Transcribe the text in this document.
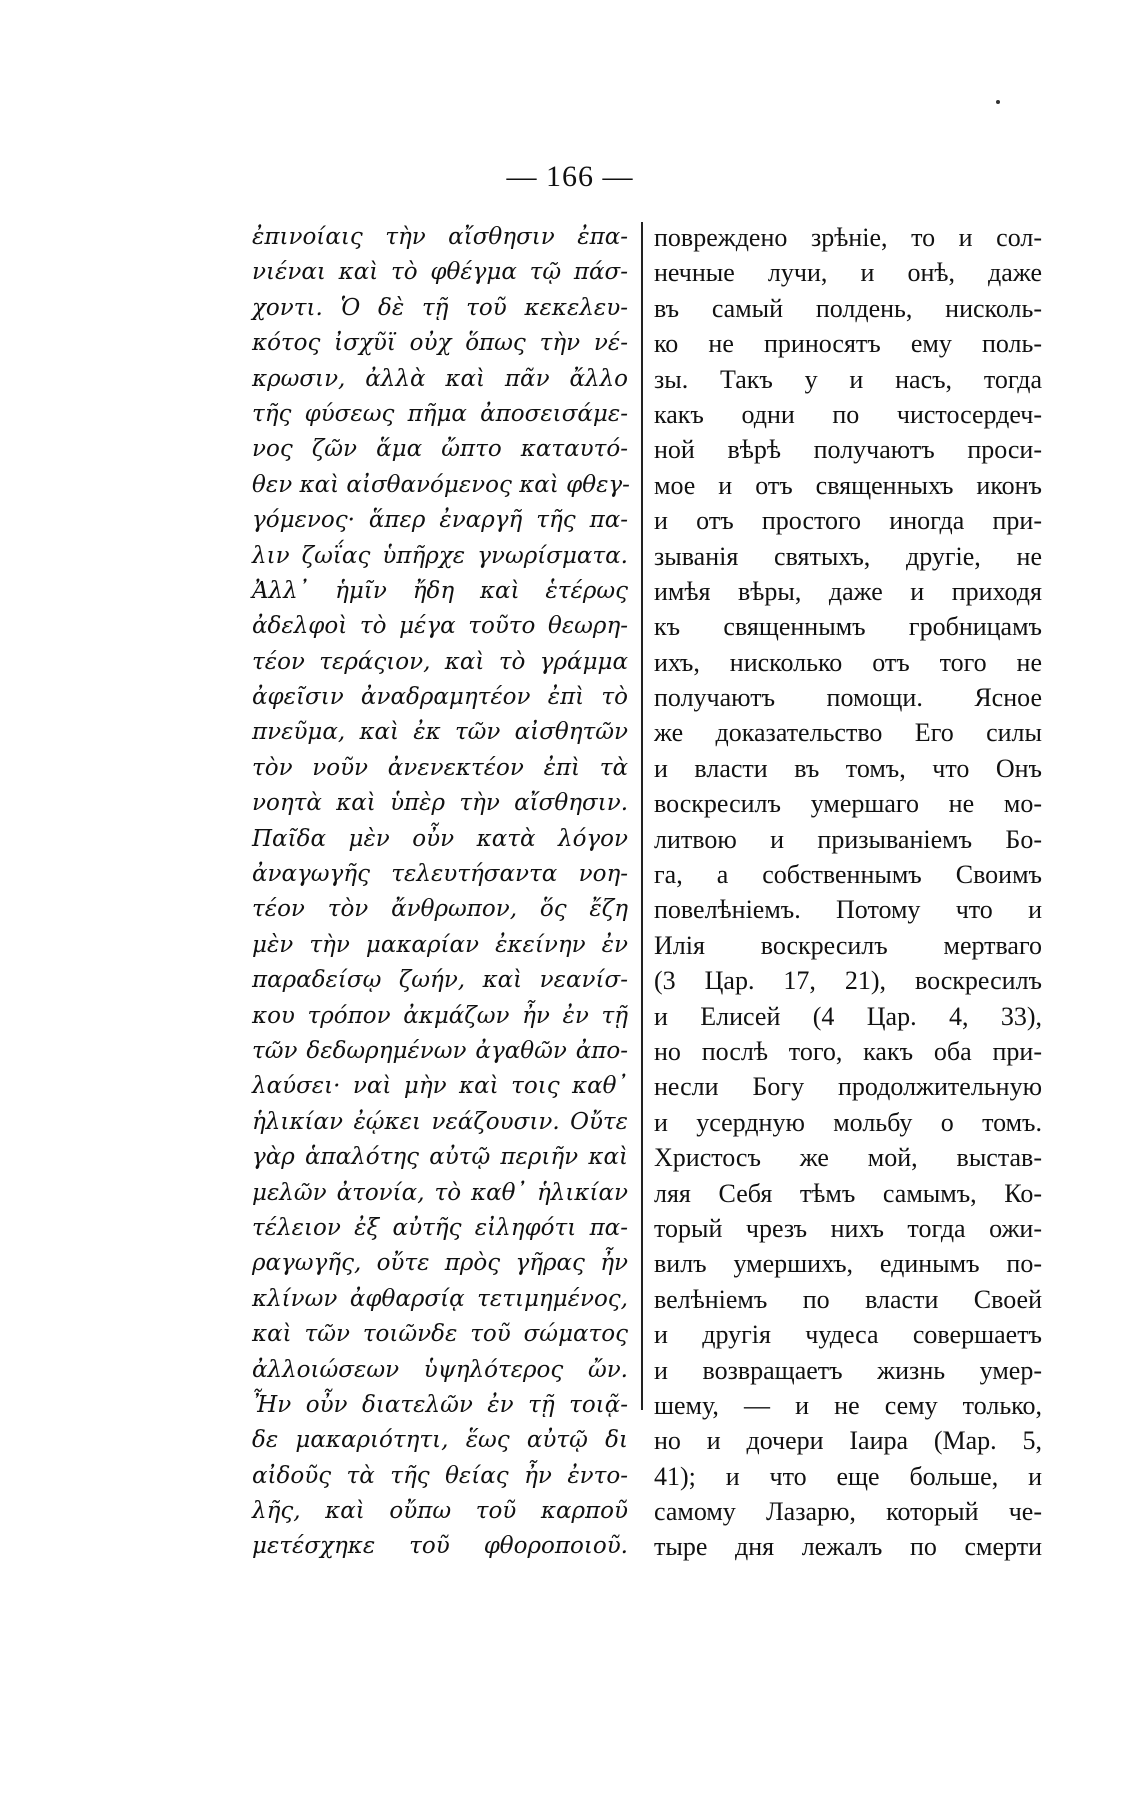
— 166 —
ἐπινοίαις τὴν αἴσθησιν ἐπα-
νιέναι καὶ τὸ φθέγμα τῷ πάσ-
χοντι. Ὁ δὲ τῇ τοῦ κεκελευ-
κότος ἰσχῦϊ οὐχ ὅπως τὴν νέ-
κρωσιν, ἀλλὰ καὶ πᾶν ἄλλο
τῆς φύσεως πῆμα ἀποσεισάμε-
νος ζῶν ἅμα ὤπτο καταυτό-
θεν καὶ αἰσθανόμενος καὶ φθεγ-
γόμενος· ἅπερ ἐναργῆ τῆς πα-
λιν ζωΐας ὑπῆρχε γνωρίσματα.
Ἀλλ᾽ ἡμῖν ἤδη καὶ ἑτέρως
ἀδελφοὶ τὸ μέγα τοῦτο θεωρη-
τέον τεράςιον, καὶ τὸ γράμμα
ἀφεῖσιν ἀναδραμητέον ἐπὶ τὸ
πνεῦμα, καὶ ἐκ τῶν αἰσθητῶν
τὸν νοῦν ἀνενεκτέον ἐπὶ τὰ
νοητὰ καὶ ὑπὲρ τὴν αἴσθησιν.
Παῖδα μὲν οὖν κατὰ λόγον
ἀναγωγῆς τελευτήσαντα νοη-
τέον τὸν ἄνθρωπον, ὅς ἔζη
μὲν τὴν μακαρίαν ἐκείνην ἐν
παραδείσῳ ζωήν, καὶ νεανίσ-
κου τρόπον ἀκμάζων ἦν ἐν τῇ
τῶν δεδωρημένων ἀγαθῶν ἀπο-
λαύσει· ναὶ μὴν καὶ τοις καθ᾽
ἡλικίαν ἐῴκει νεάζουσιν. Οὔτε
γὰρ ἁπαλότης αὐτῷ περιῆν καὶ
μελῶν ἀτονία, τὸ καθ᾽ ἡλικίαν
τέλειον ἐξ αὐτῆς εἰληφότι πα-
ραγωγῆς, οὔτε πρὸς γῆρας ἦν
κλίνων ἀφθαρσίᾳ τετιμημένος,
καὶ τῶν τοιῶνδε τοῦ σώματος
ἀλλοιώσεων ὑψηλότερος ὤν.
Ἦν οὖν διατελῶν ἐν τῇ τοιᾷ-
δε μακαριότητι, ἕως αὐτῷ δι
αἰδοῦς τὰ τῆς θείας ἦν ἐντο-
λῆς, καὶ οὔπω τοῦ καρποῦ
μετέσχηκε τοῦ φθοροποιοῦ.
повреждено зрѣніе, то и сол-
нечные лучи, и онѣ, даже
въ самый полдень, нисколь-
ко не приносятъ ему поль-
зы. Такъ у и насъ, тогда
какъ одни по чистосердеч-
ной вѣрѣ получаютъ проси-
мое и отъ священныхъ иконъ
и отъ простого иногда при-
зыванія святыхъ, другіе, не
имѣя вѣры, даже и приходя
къ священнымъ гробницамъ
ихъ, нисколько отъ того не
получаютъ помощи. Ясное
же доказательство Его силы
и власти въ томъ, что Онъ
воскресилъ умершаго не мо-
литвою и призываніемъ Бо-
га, а собственнымъ Своимъ
повелѣніемъ. Потому что и
Илія воскресилъ мертваго
(3 Цар. 17, 21), воскресилъ
и Елисей (4 Цар. 4, 33),
но послѣ того, какъ оба при-
несли Богу продолжительную
и усердную мольбу о томъ.
Христосъ же мой, выстав-
ляя Себя тѣмъ самымъ, Ко-
торый чрезъ нихъ тогда ожи-
вилъ умершихъ, единымъ по-
велѣніемъ по власти Своей
и другія чудеса совершаетъ
и возвращаетъ жизнь умер-
шему, — и не сему только,
но и дочери Іаира (Мар. 5,
41); и что еще больше, и
самому Лазарю, который че-
тыре дня лежалъ по смерти
